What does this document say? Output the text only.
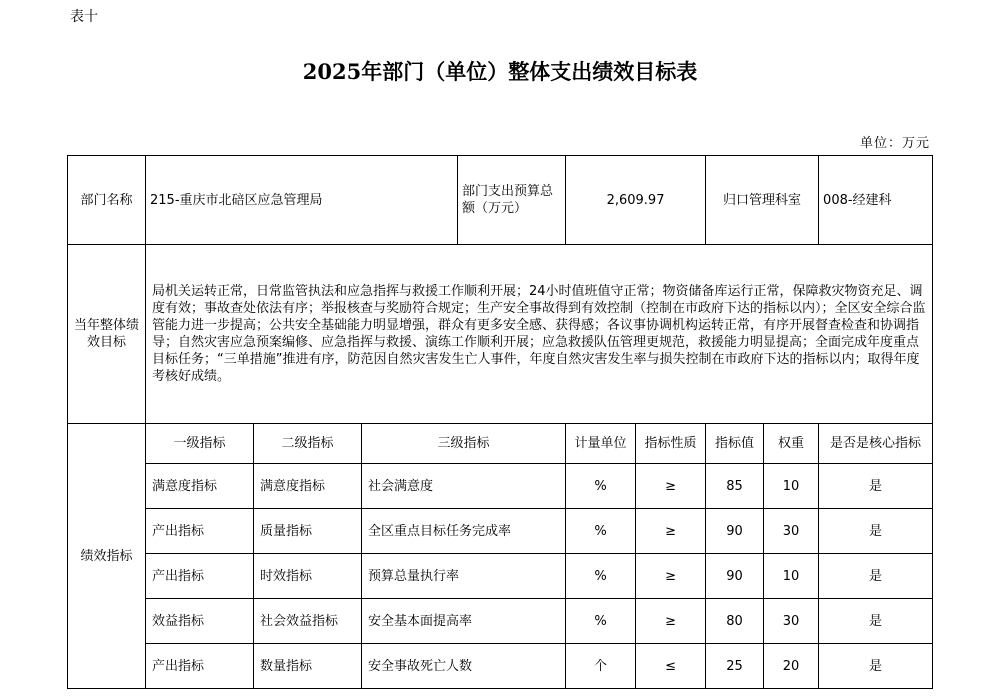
表十
2025年部门（单位）整体支出绩效目标表
单位：万元
部门名称	215-重庆市北碚区应急管理局			部门支出预算总额（万元）	2,609.97		归口管理科室		008-经建科
当年整体绩效目标	局机关运转正常，日常监管执法和应急指挥与救援工作顺利开展；24小时值班值守正常；物资储备库运行正常，保障救灾物资充足、调度有效；事故查处依法有序；举报核查与奖励符合规定；生产安全事故得到有效控制（控制在市政府下达的指标以内）；全区安全综合监管能力进一步提高；公共安全基础能力明显增强，群众有更多安全感、获得感；各议事协调机构运转正常，有序开展督查检查和协调指导；自然灾害应急预案编修、应急指挥与救援、演练工作顺利开展；应急救援队伍管理更规范，救援能力明显提高；全面完成年度重点目标任务；“三单措施”推进有序，防范因自然灾害发生亡人事件，年度自然灾害发生率与损失控制在市政府下达的指标以内；取得年度考核好成绩。								
绩效指标	一级指标	二级指标	三级指标		计量单位	指标性质	指标值	权重	是否是核心指标
	满意度指标	满意度指标	社会满意度		%	≥	85	10	是
	产出指标	质量指标	全区重点目标任务完成率		%	≥	90	30	是
	产出指标	时效指标	预算总量执行率		%	≥	90	10	是
	效益指标	社会效益指标	安全基本面提高率		%	≥	80	30	是
	产出指标	数量指标	安全事故死亡人数		个	≤	25	20	是
